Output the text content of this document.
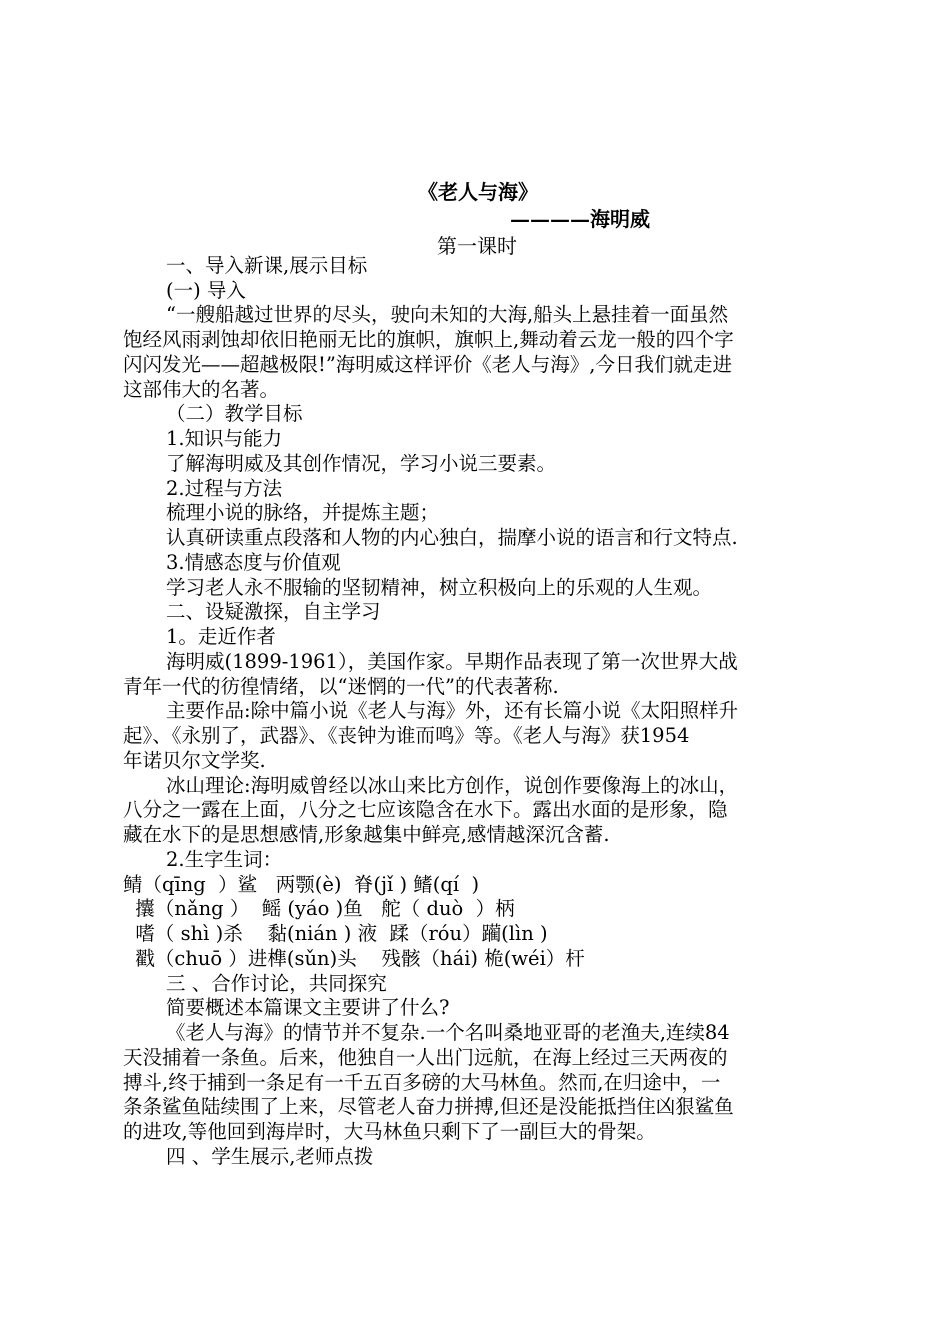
《老人与海》
————海明威
第一课时
一、导入新课,展示目标
(一) 导入
“一艘船越过世界的尽头，驶向未知的大海,船头上悬挂着一面虽然
饱经风雨剥蚀却依旧艳丽无比的旗帜，旗帜上,舞动着云龙一般的四个字
闪闪发光——超越极限!”海明威这样评价《老人与海》,今日我们就走进
这部伟大的名著。
（二）教学目标
1.知识与能力
了解海明威及其创作情况，学习小说三要素。
2.过程与方法
梳理小说的脉络，并提炼主题；
认真研读重点段落和人物的内心独白，揣摩小说的语言和行文特点.
3.情感态度与价值观
学习老人永不服输的坚韧精神，树立积极向上的乐观的人生观。
二、设疑激探，自主学习
1。走近作者
海明威(1899-1961），美国作家。早期作品表现了第一次世界大战
青年一代的彷徨情绪，以“迷惘的一代”的代表著称.
主要作品:除中篇小说《老人与海》外，还有长篇小说《太阳照样升
起》、《永别了，武器》、《丧钟为谁而鸣》等。《老人与海》获1954
年诺贝尔文学奖.
冰山理论:海明威曾经以冰山来比方创作，说创作要像海上的冰山，
八分之一露在上面，八分之七应该隐含在水下。露出水面的是形象，隐
藏在水下的是思想感情,形象越集中鲜亮,感情越深沉含蓄.
2.生字生词：
鲭（qīng  ）鲨   两颚(è)  脊(jǐ ) 鳍(qí  )
攮（nǎng ）  鳐 (yáo )鱼   舵（ duò  ）柄
嗜（ shì )杀    黏(nián ) 液  蹂（róu）躏(lìn )
戳（chuō ）进榫(sǔn)头    残骸（hái) 桅(wéi）杆
三 、合作讨论，共同探究
简要概述本篇课文主要讲了什么?
《老人与海》的情节并不复杂.一个名叫桑地亚哥的老渔夫,连续84
天没捕着一条鱼。后来，他独自一人出门远航，在海上经过三天两夜的
搏斗,终于捕到一条足有一千五百多磅的大马林鱼。然而,在归途中，一
条条鲨鱼陆续围了上来，尽管老人奋力拼搏,但还是没能抵挡住凶狠鲨鱼
的进攻,等他回到海岸时，大马林鱼只剩下了一副巨大的骨架。
四 、学生展示,老师点拨
